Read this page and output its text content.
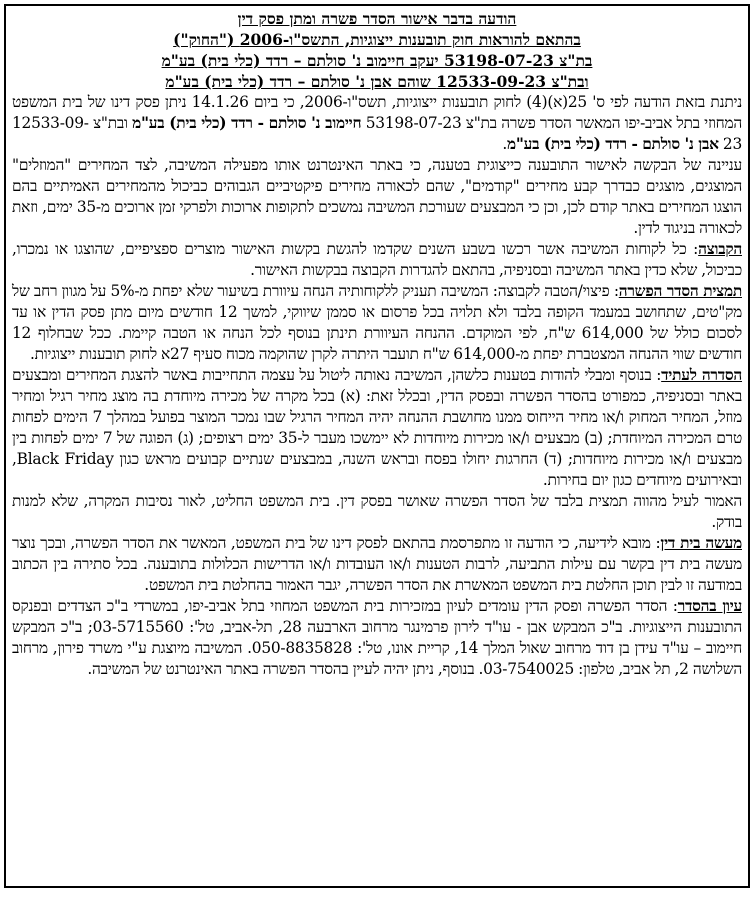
הודעה בדבר אישור הסדר פשרה ומתן פסק דין

בהתאם להוראות חוק תובענות ייצוגיות, התשס"ו-2006 ("החוק")

בת"צ 53198-07-23 יעקב חיימוב נ' סולתם – רדד (כלי בית) בע"מ

ובת"צ 12533-09-23 שוהם אבן נ' סולתם – רדד (כלי בית) בע"מ

ניתנת בזאת הודעה לפי ס' 25(א)(4) לחוק תובענות ייצוגיות, תשס"ו-2006, כי ביום 14.1.26 ניתן פסק דינו של בית המשפט המחוזי בתל אביב-יפו המאשר הסדר פשרה בת"צ 53198-07-23 חיימוב נ' סולתם - רדד (כלי בית) בע"מ ובת"צ 12533-09-23 אבן נ' סולתם - רדד (כלי בית) בע"מ.

עניינה של הבקשה לאישור התובענה כייצוגית בטענה, כי באתר האינטרנט אותו מפעילה המשיבה, לצד המחירים "המוזלים" המוצגים, מוצגים כבדרך קבע מחירים "קודמים", שהם לכאורה מחירים פיקטיביים הגבוהים כביכול מהמחירים האמיתיים בהם הוצגו המחירים באתר קודם לכן, וכן כי המבצעים שעורכת המשיבה נמשכים לתקופות ארוכות ולפרקי זמן ארוכים מ-35 ימים, וזאת לכאורה בניגוד לדין.

הקבוצה: כל לקוחות המשיבה אשר רכשו בשבע השנים שקדמו להגשת בקשות האישור מוצרים ספציפיים, שהוצגו או נמכרו, כביכול, שלא כדין באתר המשיבה ובסניפיה, בהתאם להגדרות הקבוצה בבקשות האישור.

תמצית הסדר הפשרה: פיצוי/הטבה לקבוצה: המשיבה תעניק ללקוחותיה הנחה עיוורת בשיעור שלא יפחת מ-5% על מגוון רחב של מק"טים, שתחושב במעמד הקופה בלבד ולא תלויה בכל פרסום או סממן שיווקי, למשך 12 חודשים מיום מתן פסק הדין או עד לסכום כולל של 614,000 ש"ח, לפי המוקדם. ההנחה העיוורת תינתן בנוסף לכל הנחה או הטבה קיימת. ככל שבחלוף 12 חודשים שווי ההנחה המצטברת יפחת מ-614,000 ש"ח תועבר היתרה לקרן שהוקמה מכוח סעיף 27א לחוק תובענות ייצוגיות.

הסדרה לעתיד: בנוסף ומבלי להודות בטענות כלשהן, המשיבה נאותה ליטול על עצמה התחייבות באשר להצגת המחירים ומבצעים באתר ובסניפיה, כמפורט בהסדר הפשרה ובפסק הדין, ובכלל זאת: (א) בכל מקרה של מכירה מיוחדת בה מוצג מחיר רגיל ומחיר מוזל, המחיר המחוק ו/או מחיר הייחוס ממנו מחושבת ההנחה יהיה המחיר הרגיל שבו נמכר המוצר בפועל במהלך 7 הימים לפחות טרם המכירה המיוחדת; (ב) מבצעים ו/או מכירות מיוחדות לא יימשכו מעבר ל-35 ימים רצופים; (ג) הפוגה של 7 ימים לפחות בין מבצעים ו/או מכירות מיוחדות; (ד) החרגות יחולו בפסח ובראש השנה, במבצעים שנתיים קבועים מראש כגון Black Friday, ובאירועים מיוחדים כגון יום בחירות.

האמור לעיל מהווה תמצית בלבד של הסדר הפשרה שאושר בפסק דין. בית המשפט החליט, לאור נסיבות המקרה, שלא למנות בודק.

מעשה בית דין: מובא לידיעה, כי הודעה זו מתפרסמת בהתאם לפסק דינו של בית המשפט, המאשר את הסדר הפשרה, ובכך נוצר מעשה בית דין בקשר עם עילות התביעה, לרבות הטענות ו/או העובדות ו/או הדרישות הכלולות בתובענה. בכל סתירה בין הכתוב במודעה זו לבין תוכן החלטת בית המשפט המאשרת את הסדר הפשרה, יגבר האמור בהחלטת בית המשפט.

עיון בהסדר: הסדר הפשרה ופסק הדין עומדים לעיון במזכירות בית המשפט המחוזי בתל אביב-יפו, במשרדי ב"כ הצדדים ובפנקס התובענות הייצוגיות. ב"כ המבקש אבן - עו"ד לירון פרמינגר מרחוב הארבעה 28, תל-אביב, טל': 03-5715560; ב"כ המבקש חיימוב – עו"ד עידן בן דוד מרחוב שאול המלך 14, קריית אונו, טל': 050-8835828. המשיבה מיוצגת ע"י משרד פירון, מרחוב השלושה 2, תל אביב, טלפון: 03-7540025. בנוסף, ניתן יהיה לעיין בהסדר הפשרה באתר האינטרנט של המשיבה.
